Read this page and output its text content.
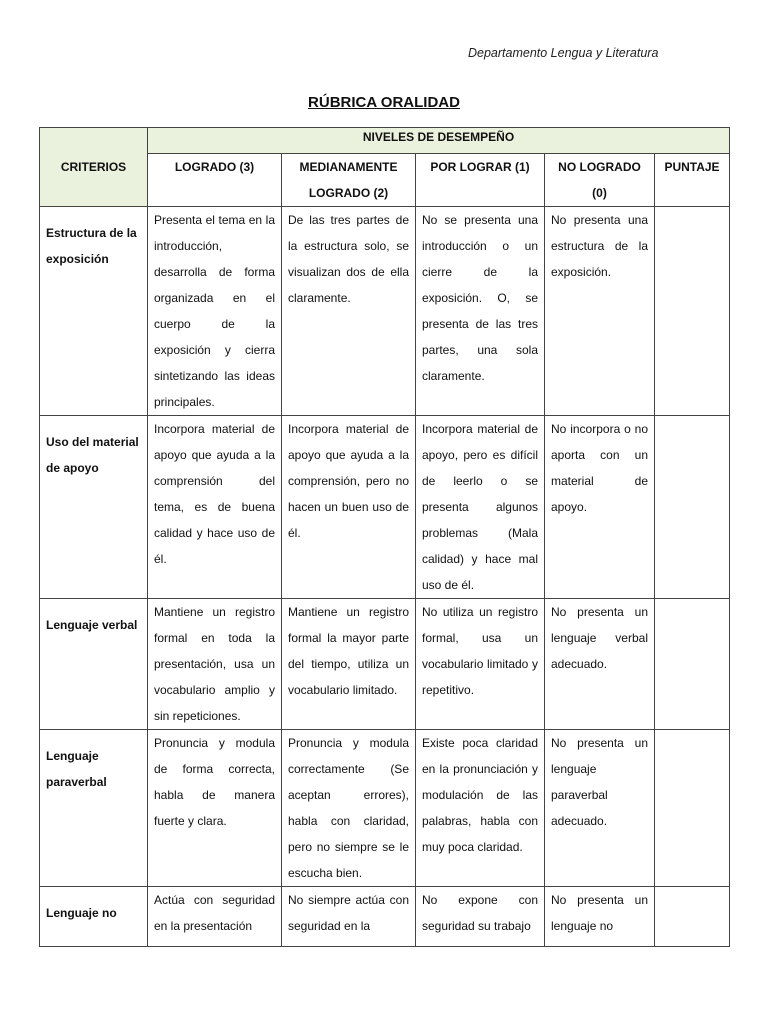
Departamento Lengua y Literatura
RÚBRICA ORALIDAD
CRITERIOS	NIVELES DE DESEMPEÑO				
	LOGRADO (3)	MEDIANAMENTE LOGRADO (2)	POR LOGRAR (1)	NO LOGRADO (0)	PUNTAJE
Estructura de la exposición	Presenta el tema en la introducción, desarrolla de forma organizada en el cuerpo de la exposición y cierra sintetizando las ideas principales.	De las tres partes de la estructura solo, se visualizan dos de ella claramente.	No se presenta una introducción o un cierre de la exposición. O, se presenta de las tres partes, una sola claramente.	No presenta una estructura de la exposición.	
Uso del material de apoyo	Incorpora material de apoyo que ayuda a la comprensión del tema, es de buena calidad y hace uso de él.	Incorpora material de apoyo que ayuda a la comprensión, pero no hacen un buen uso de él.	Incorpora material de apoyo, pero es difícil de leerlo o se presenta algunos problemas (Mala calidad) y hace mal uso de él.	No incorpora o no aporta con un material de apoyo.	
Lenguaje verbal	Mantiene un registro formal en toda la presentación, usa un vocabulario amplio y sin repeticiones.	Mantiene un registro formal la mayor parte del tiempo, utiliza un vocabulario limitado.	No utiliza un registro formal, usa un vocabulario limitado y repetitivo.	No presenta un lenguaje verbal adecuado.	
Lenguaje paraverbal	Pronuncia y modula de forma correcta, habla de manera fuerte y clara.	Pronuncia y modula correctamente (Se aceptan errores), habla con claridad, pero no siempre se le escucha bien.	Existe poca claridad en la pronunciación y modulación de las palabras, habla con muy poca claridad.	No presenta un lenguaje paraverbal adecuado.	

Lenguaje no	Actúa con seguridad en la presentación	No siempre actúa con seguridad en la	No expone con seguridad su trabajo	No presenta un lenguaje no	
